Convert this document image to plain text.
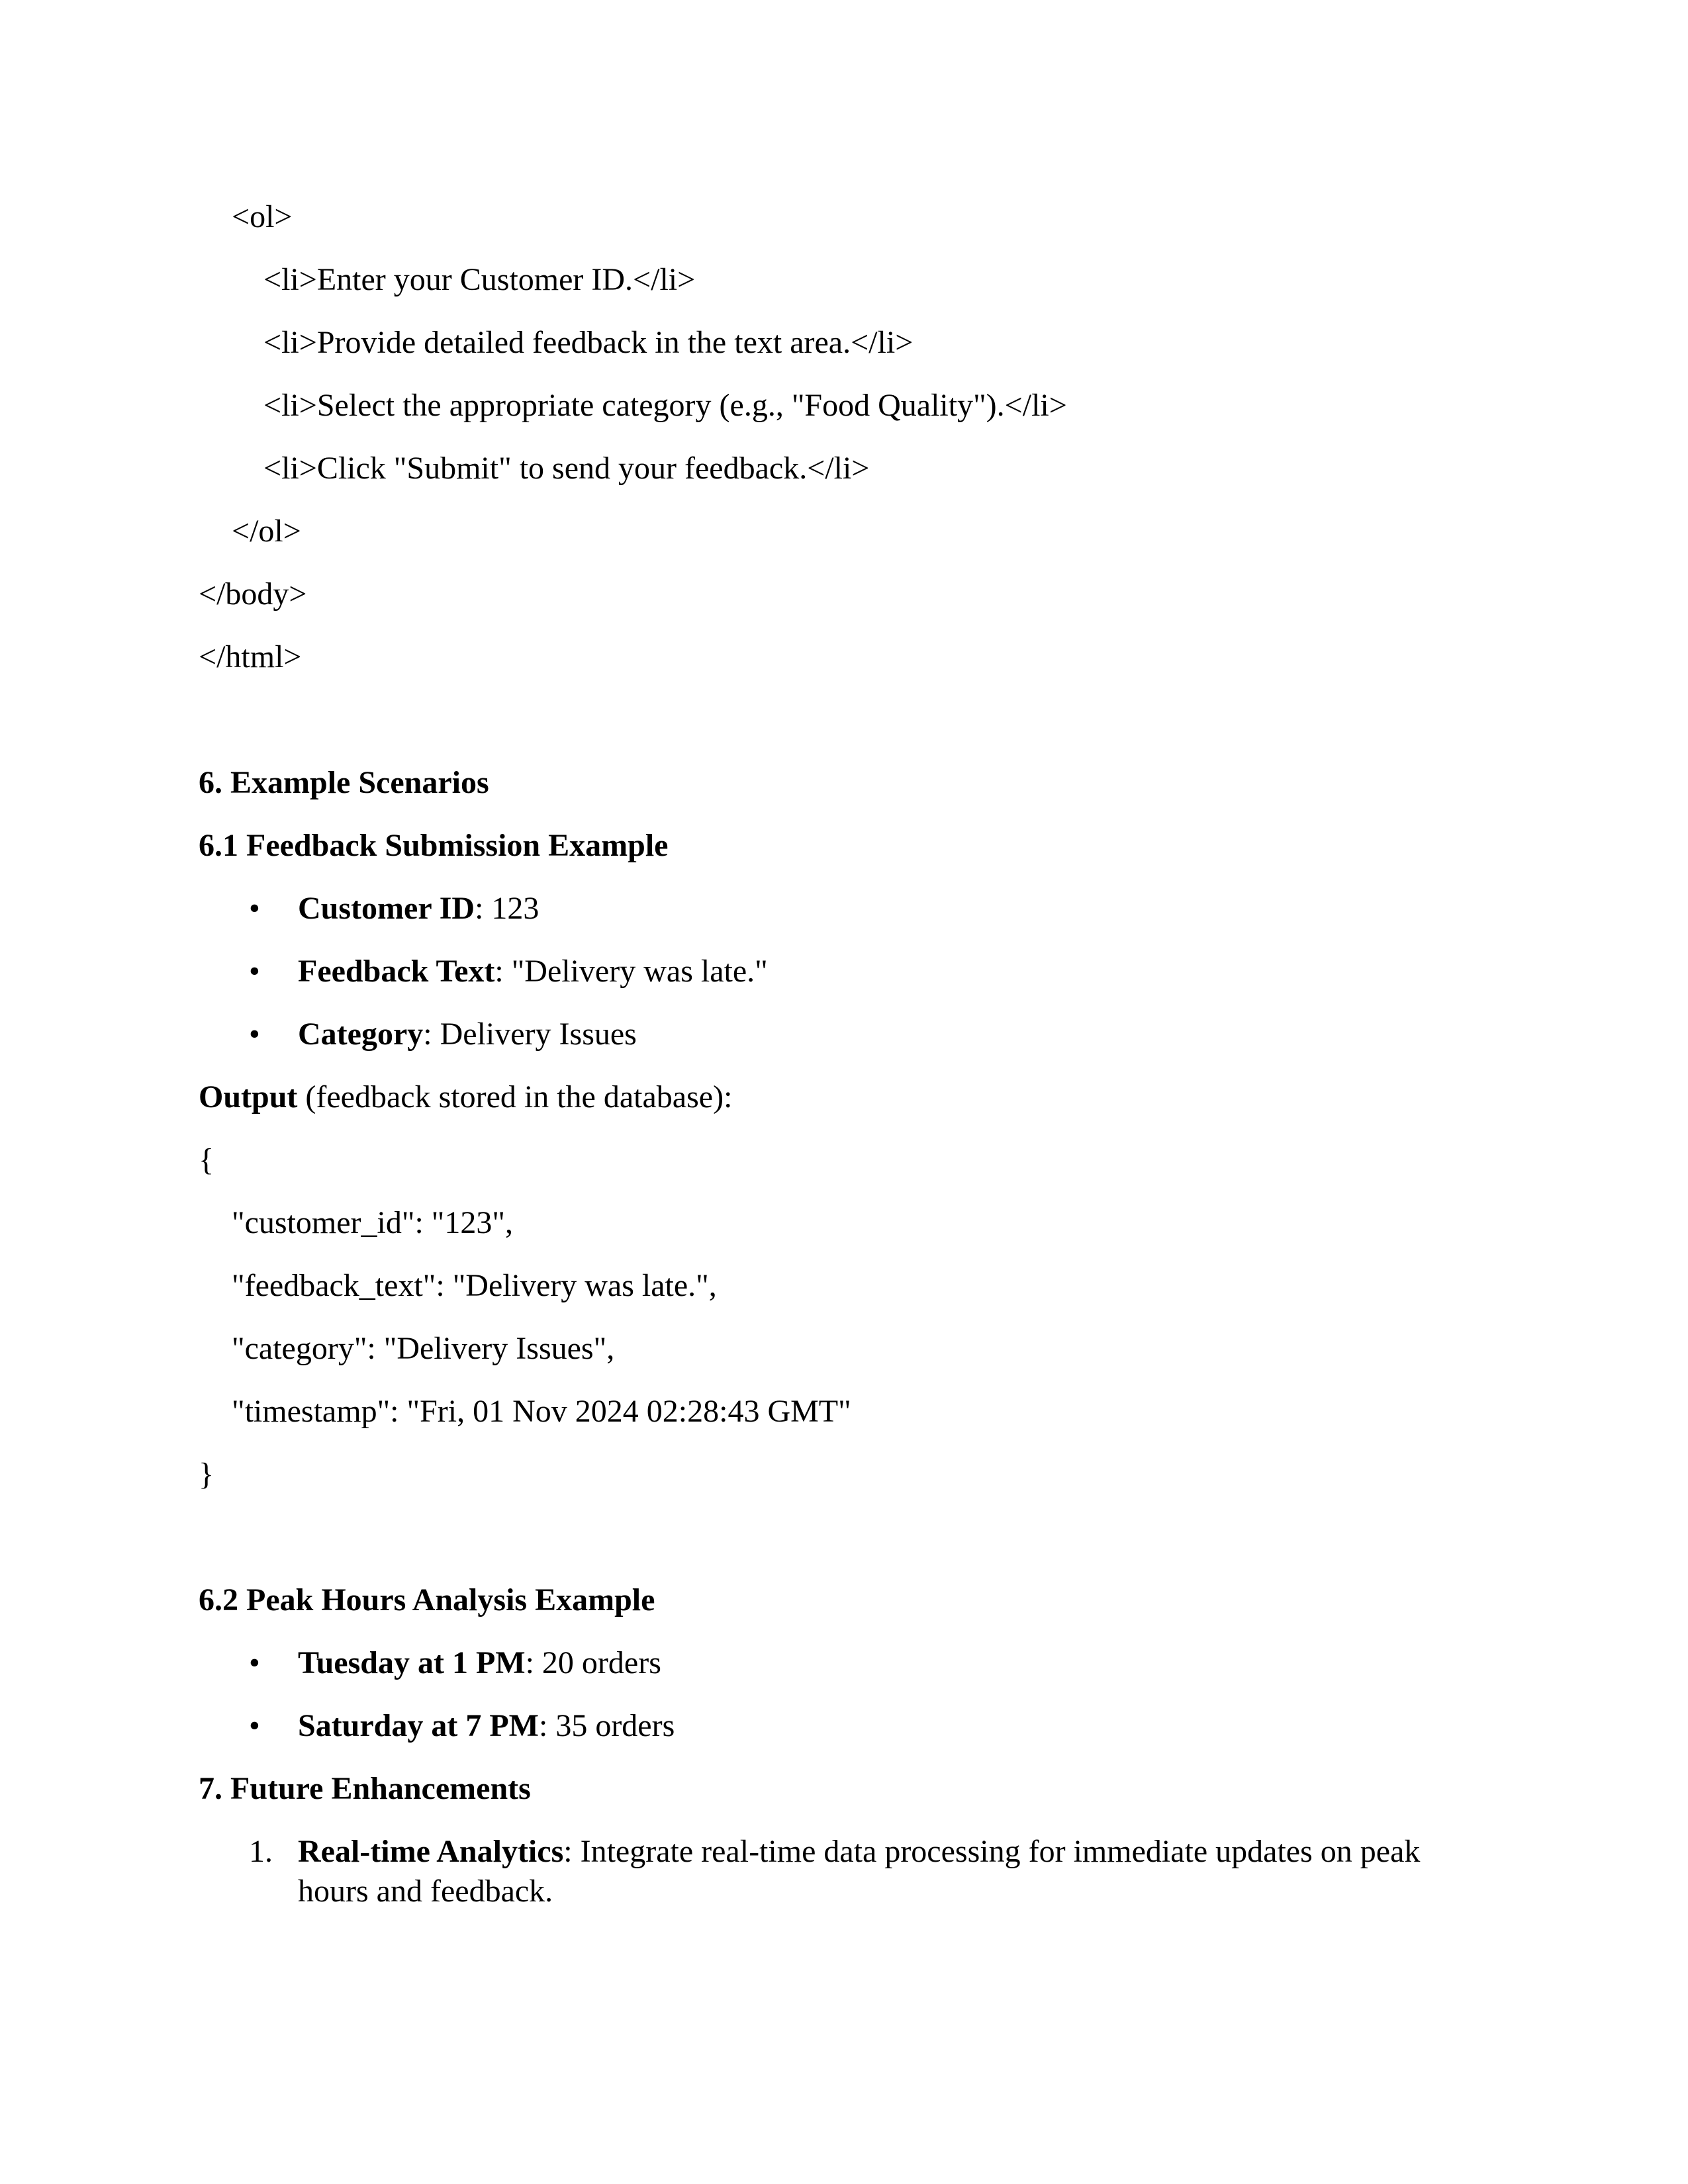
<ol>
<li>Enter your Customer ID.</li>
<li>Provide detailed feedback in the text area.</li>
<li>Select the appropriate category (e.g., "Food Quality").</li>
<li>Click "Submit" to send your feedback.</li>
</ol>
</body>
</html>
6. Example Scenarios
6.1 Feedback Submission Example
• Customer ID: 123
• Feedback Text: "Delivery was late."
• Category: Delivery Issues
Output (feedback stored in the database):
{
"customer_id": "123",
"feedback_text": "Delivery was late.",
"category": "Delivery Issues",
"timestamp": "Fri, 01 Nov 2024 02:28:43 GMT"
}
6.2 Peak Hours Analysis Example
• Tuesday at 1 PM: 20 orders
• Saturday at 7 PM: 35 orders
7. Future Enhancements
1. Real-time Analytics: Integrate real-time data processing for immediate updates on peak
hours and feedback.
